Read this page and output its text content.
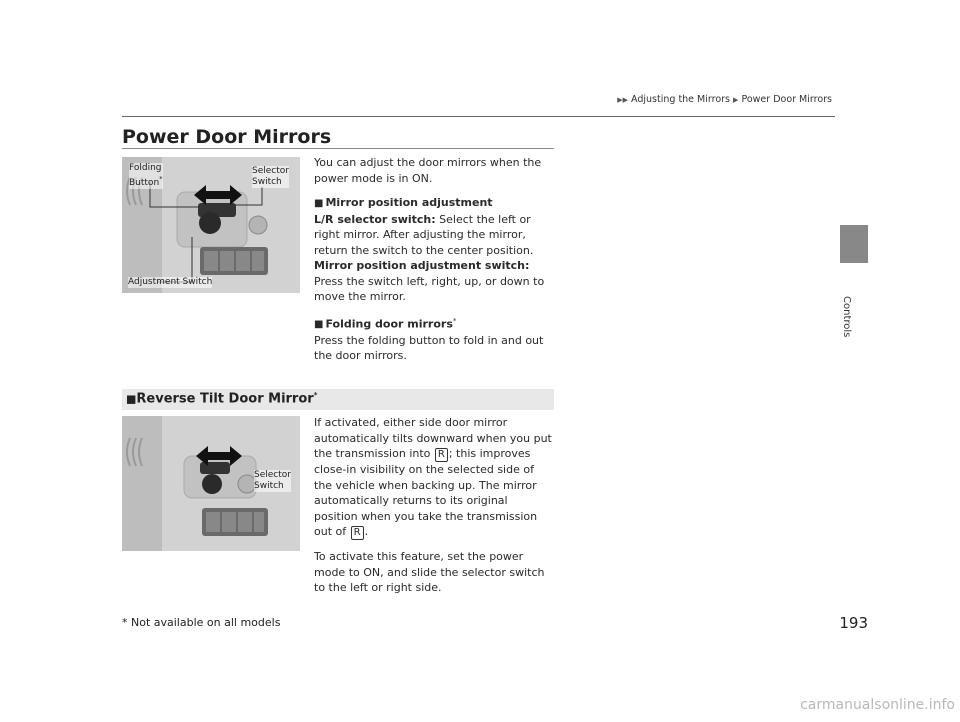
▶▶ Adjusting the Mirrors ▶ Power Door Mirrors
Controls
Power Door Mirrors
Folding
Button*
Selector
Switch
Adjustment Switch

You can adjust the door mirrors when the power mode is in ON.

■ Mirror position adjustment

L/R selector switch: Select the left or right mirror. After adjusting the mirror, return the switch to the center position.

Mirror position adjustment switch: Press the switch left, right, up, or down to move the mirror.

■ Folding door mirrors*

Press the folding button to fold in and out the door mirrors.

■Reverse Tilt Door Mirror*
Selector
Switch

If activated, either side door mirror automatically tilts downward when you put the transmission into R ; this improves close-in visibility on the selected side of the vehicle when backing up. The mirror automatically returns to its original position when you take the transmission out of R .

To activate this feature, set the power mode to ON, and slide the selector switch to the left or right side.

* Not available on all models	193
carmanualsonline.info
